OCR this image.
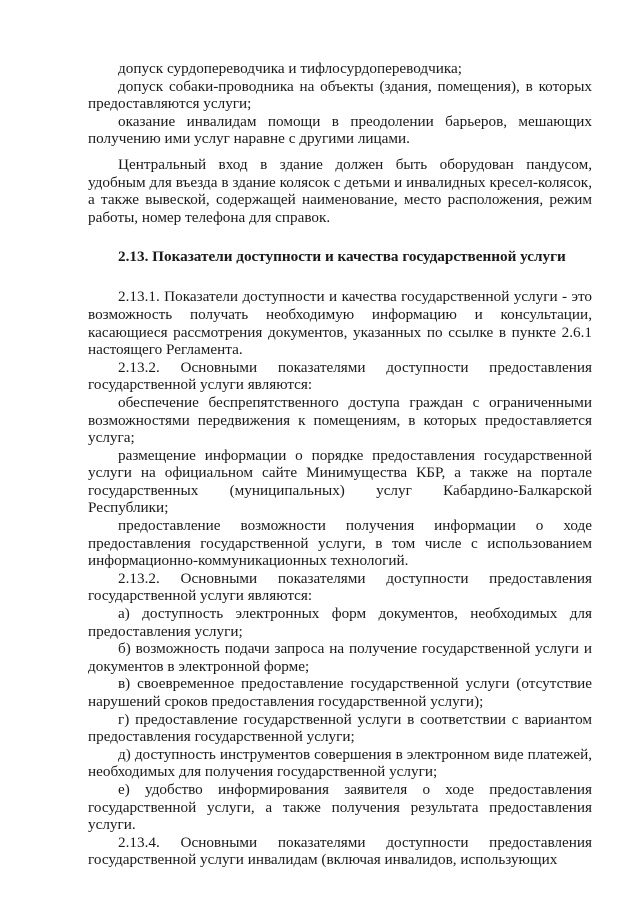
допуск сурдопереводчика и тифлосурдопереводчика;

допуск собаки-проводника на объекты (здания, помещения), в которых предоставляются услуги;

оказание инвалидам помощи в преодолении барьеров, мешающих получению ими услуг наравне с другими лицами.

Центральный вход в здание должен быть оборудован пандусом, удобным для въезда в здание колясок с детьми и инвалидных кресел-колясок, а также вывеской, содержащей наименование, место расположения, режим работы, номер телефона для справок.

2.13. Показатели доступности и качества государственной услуги

2.13.1. Показатели доступности и качества государственной услуги - это возможность получать необходимую информацию и консультации, касающиеся рассмотрения документов, указанных по ссылке в пункте 2.6.1 настоящего Регламента.

2.13.2. Основными показателями доступности предоставления государственной услуги являются:

обеспечение беспрепятственного доступа граждан с ограниченными возможностями передвижения к помещениям, в которых предоставляется услуга;

размещение информации о порядке предоставления государственной услуги на официальном сайте Минимущества КБР, а также на портале государственных (муниципальных) услуг Кабардино-Балкарской Республики;

предоставление возможности получения информации о ходе предоставления государственной услуги, в том числе с использованием информационно-коммуникационных технологий.

2.13.2. Основными показателями доступности предоставления государственной услуги являются:

а) доступность электронных форм документов, необходимых для предоставления услуги;

б) возможность подачи запроса на получение государственной услуги и документов в электронной форме;

в) своевременное предоставление государственной услуги (отсутствие нарушений сроков предоставления государственной услуги);

г) предоставление государственной услуги в соответствии с вариантом предоставления государственной услуги;

д) доступность инструментов совершения в электронном виде платежей, необходимых для получения государственной услуги;

е) удобство информирования заявителя о ходе предоставления государственной услуги, а также получения результата предоставления услуги.

2.13.4. Основными показателями доступности предоставления государственной услуги инвалидам (включая инвалидов, использующих
